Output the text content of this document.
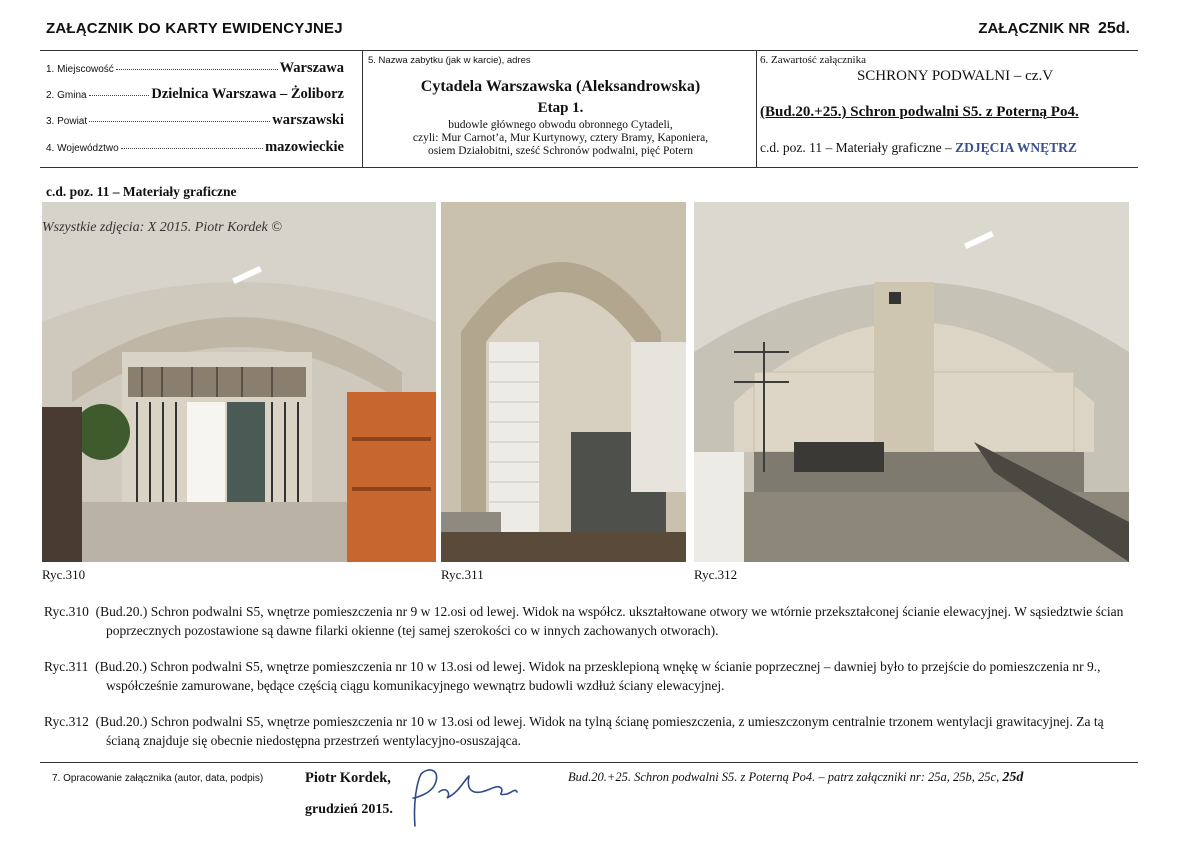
ZAŁĄCZNIK DO KARTY EWIDENCYJNEJ	ZAŁĄCZNIK NR 25d.
1. Miejscowość	Warszawa
2. Gmina	Dzielnica Warszawa – Żoliborz
3. Powiat	warszawski
4. Województwo	mazowieckie
5. Nazwa zabytku (jak w karcie), adres
Cytadela Warszawska (Aleksandrowska)
Etap 1.
budowle głównego obwodu obronnego Cytadeli,
czyli: Mur Carnot’a, Mur Kurtynowy, cztery Bramy, Kaponiera,
osiem Działobitni, sześć Schronów podwalni, pięć Potern
6. Zawartość załącznika
SCHRONY PODWALNI – cz.V
(Bud.20.+25.) Schron podwalni S5. z Poterną Po4.
c.d. poz. 11 – Materiały graficzne – ZDJĘCIA WNĘTRZ
c.d. poz. 11 – Materiały graficzne
Wszystkie zdjęcia: X 2015. Piotr Kordek ©
Ryc.310	Ryc.311	Ryc.312
Ryc.310 (Bud.20.) Schron podwalni S5, wnętrze pomieszczenia nr 9 w 12.osi od lewej. Widok na współcz. ukształtowane otwory we wtórnie przekształconej ścianie elewacyjnej. W sąsiedztwie ścian poprzecznych pozostawione są dawne filarki okienne (tej samej szerokości co w innych zachowanych otworach).
Ryc.311 (Bud.20.) Schron podwalni S5, wnętrze pomieszczenia nr 10 w 13.osi od lewej. Widok na przesklepioną wnękę w ścianie poprzecznej – dawniej było to przejście do pomieszczenia nr 9., współcześnie zamurowane, będące częścią ciągu komunikacyjnego wewnątrz budowli wzdłuż ściany elewacyjnej.
Ryc.312 (Bud.20.) Schron podwalni S5, wnętrze pomieszczenia nr 10 w 13.osi od lewej. Widok na tylną ścianę pomieszczenia, z umieszczonym centralnie trzonem wentylacji grawitacyjnej. Za tą ścianą znajduje się obecnie niedostępna przestrzeń wentylacyjno-osuszająca.
7. Opracowanie załącznika (autor, data, podpis)	Piotr Kordek,
grudzień 2015.
Bud.20.+25. Schron podwalni S5. z Poterną Po4. – patrz załączniki nr: 25a, 25b, 25c, 25d
